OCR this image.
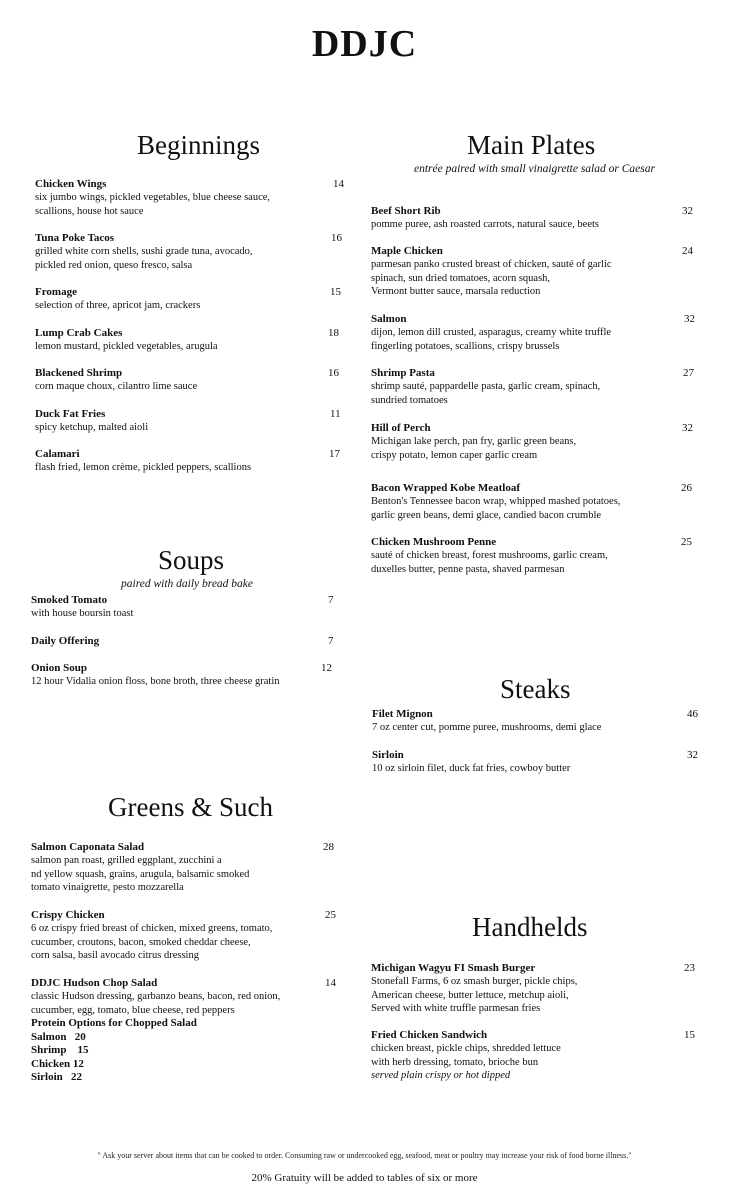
DDJC
Beginnings
Chicken Wings	14
six jumbo wings, pickled vegetables, blue cheese sauce,
scallions, house hot sauce
Tuna Poke Tacos	16
grilled white corn shells, sushi grade tuna, avocado,
pickled red onion, queso fresco, salsa
Fromage	15
selection of three, apricot jam, crackers
Lump Crab Cakes	18
lemon mustard, pickled vegetables, arugula
Blackened Shrimp	16
corn maque choux, cilantro lime sauce
Duck Fat Fries	11
spicy ketchup, malted aioli
Calamari	17
flash fried, lemon crème, pickled peppers, scallions
Soups
paired with daily bread bake
Smoked Tomato	7
with house boursin toast
Daily Offering	7
Onion Soup	12
12 hour Vidalia onion floss, bone broth, three cheese gratin
Greens & Such
Salmon Caponata Salad	28
salmon pan roast, grilled eggplant, zucchini a
nd yellow squash, grains, arugula, balsamic smoked
tomato vinaigrette, pesto mozzarella
Crispy Chicken	25
6 oz crispy fried breast of chicken, mixed greens, tomato,
cucumber, croutons, bacon, smoked cheddar cheese,
corn salsa, basil avocado citrus dressing
DDJC Hudson Chop Salad	14
classic Hudson dressing, garbanzo beans, bacon, red onion,
cucumber, egg, tomato, blue cheese, red peppers
Protein Options for Chopped Salad
Salmon 20
Shrimp 15
Chicken 12
Sirloin 22
Main Plates
entrée paired with small vinaigrette salad or Caesar
Beef Short Rib	32
pomme puree, ash roasted carrots, natural sauce, beets
Maple Chicken	24
parmesan panko crusted breast of chicken, sauté of garlic
spinach, sun dried tomatoes, acorn squash,
Vermont butter sauce, marsala reduction
Salmon	32
dijon, lemon dill crusted, asparagus, creamy white truffle
fingerling potatoes, scallions, crispy brussels
Shrimp Pasta	27
shrimp sauté, pappardelle pasta, garlic cream, spinach,
sundried tomatoes
Hill of Perch	32
Michigan lake perch, pan fry, garlic green beans,
crispy potato, lemon caper garlic cream
Bacon Wrapped Kobe Meatloaf	26
Benton's Tennessee bacon wrap, whipped mashed potatoes,
garlic green beans, demi glace, candied bacon crumble
Chicken Mushroom Penne	25
sauté of chicken breast, forest mushrooms, garlic cream,
duxelles butter, penne pasta, shaved parmesan
Steaks
Filet Mignon	46
7 oz center cut, pomme puree, mushrooms, demi glace
Sirloin	32
10 oz sirloin filet, duck fat fries, cowboy butter
Handhelds
Michigan Wagyu FI Smash Burger	23
Stonefall Farms, 6 oz smash burger, pickle chips,
American cheese, butter lettuce, metchup aioli,
Served with white truffle parmesan fries
Fried Chicken Sandwich	15
chicken breast, pickle chips, shredded lettuce
with herb dressing, tomato, brioche bun
served plain crispy or hot dipped
" Ask your server about items that can be cooked to order. Consuming raw or undercooked egg, seafood, meat or poultry may increase your risk of food borne illness."
20% Gratuity will be added to tables of six or more
